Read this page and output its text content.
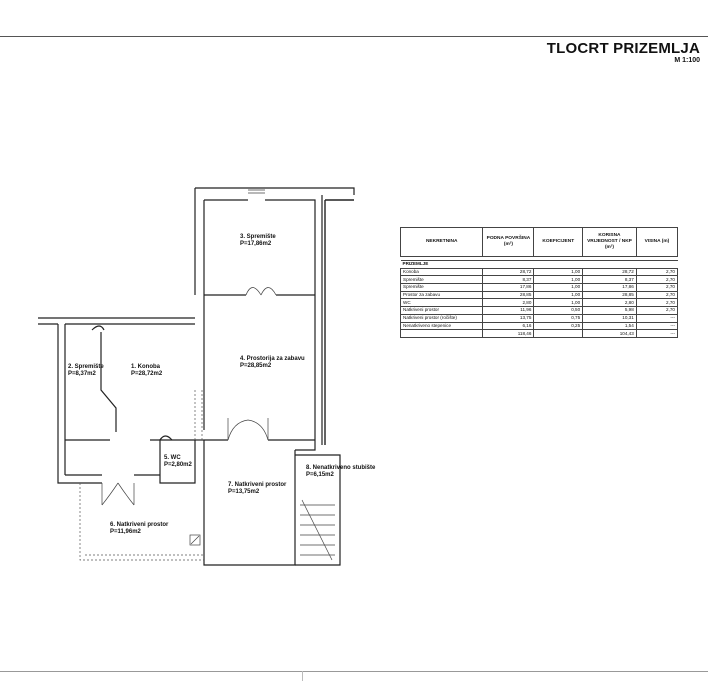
TLOCRT PRIZEMLJA
M 1:100
3. Spremište
P=17,86m2
4. Prostorija za zabavu
P=28,85m2
2. Spremište
P=8,37m2
1. Konoba
P=28,72m2
5. WC
P=2,80m2
7. Natkriveni prostor
P=13,75m2
8. Nenatkriveno stubište
P=6,15m2
6. Natkriveni prostor
P=11,96m2
NEKRETNINA	PODNA POVRŠINA (m²)	KOEFICIJENT	KORISNA VRIJEDNOST / NKP (m²)	VISINA (m)

PRIZEMLJE				
Konoba	28,72	1,00	28,72	2,70
Spremište	8,37	1,00	8,37	2,70
Spremište	17,86	1,00	17,86	2,70
Prostor za zabavu	28,85	1,00	28,85	2,70
WC	2,80	1,00	2,80	2,70
Natkriveni prostor	11,96	0,50	5,98	2,70
Natkriveni prostor (ročište)	13,75	0,75	10,31	---
Nenatkriveno stepenice	6,16	0,25	1,54	---
	118,46		104,43	---
